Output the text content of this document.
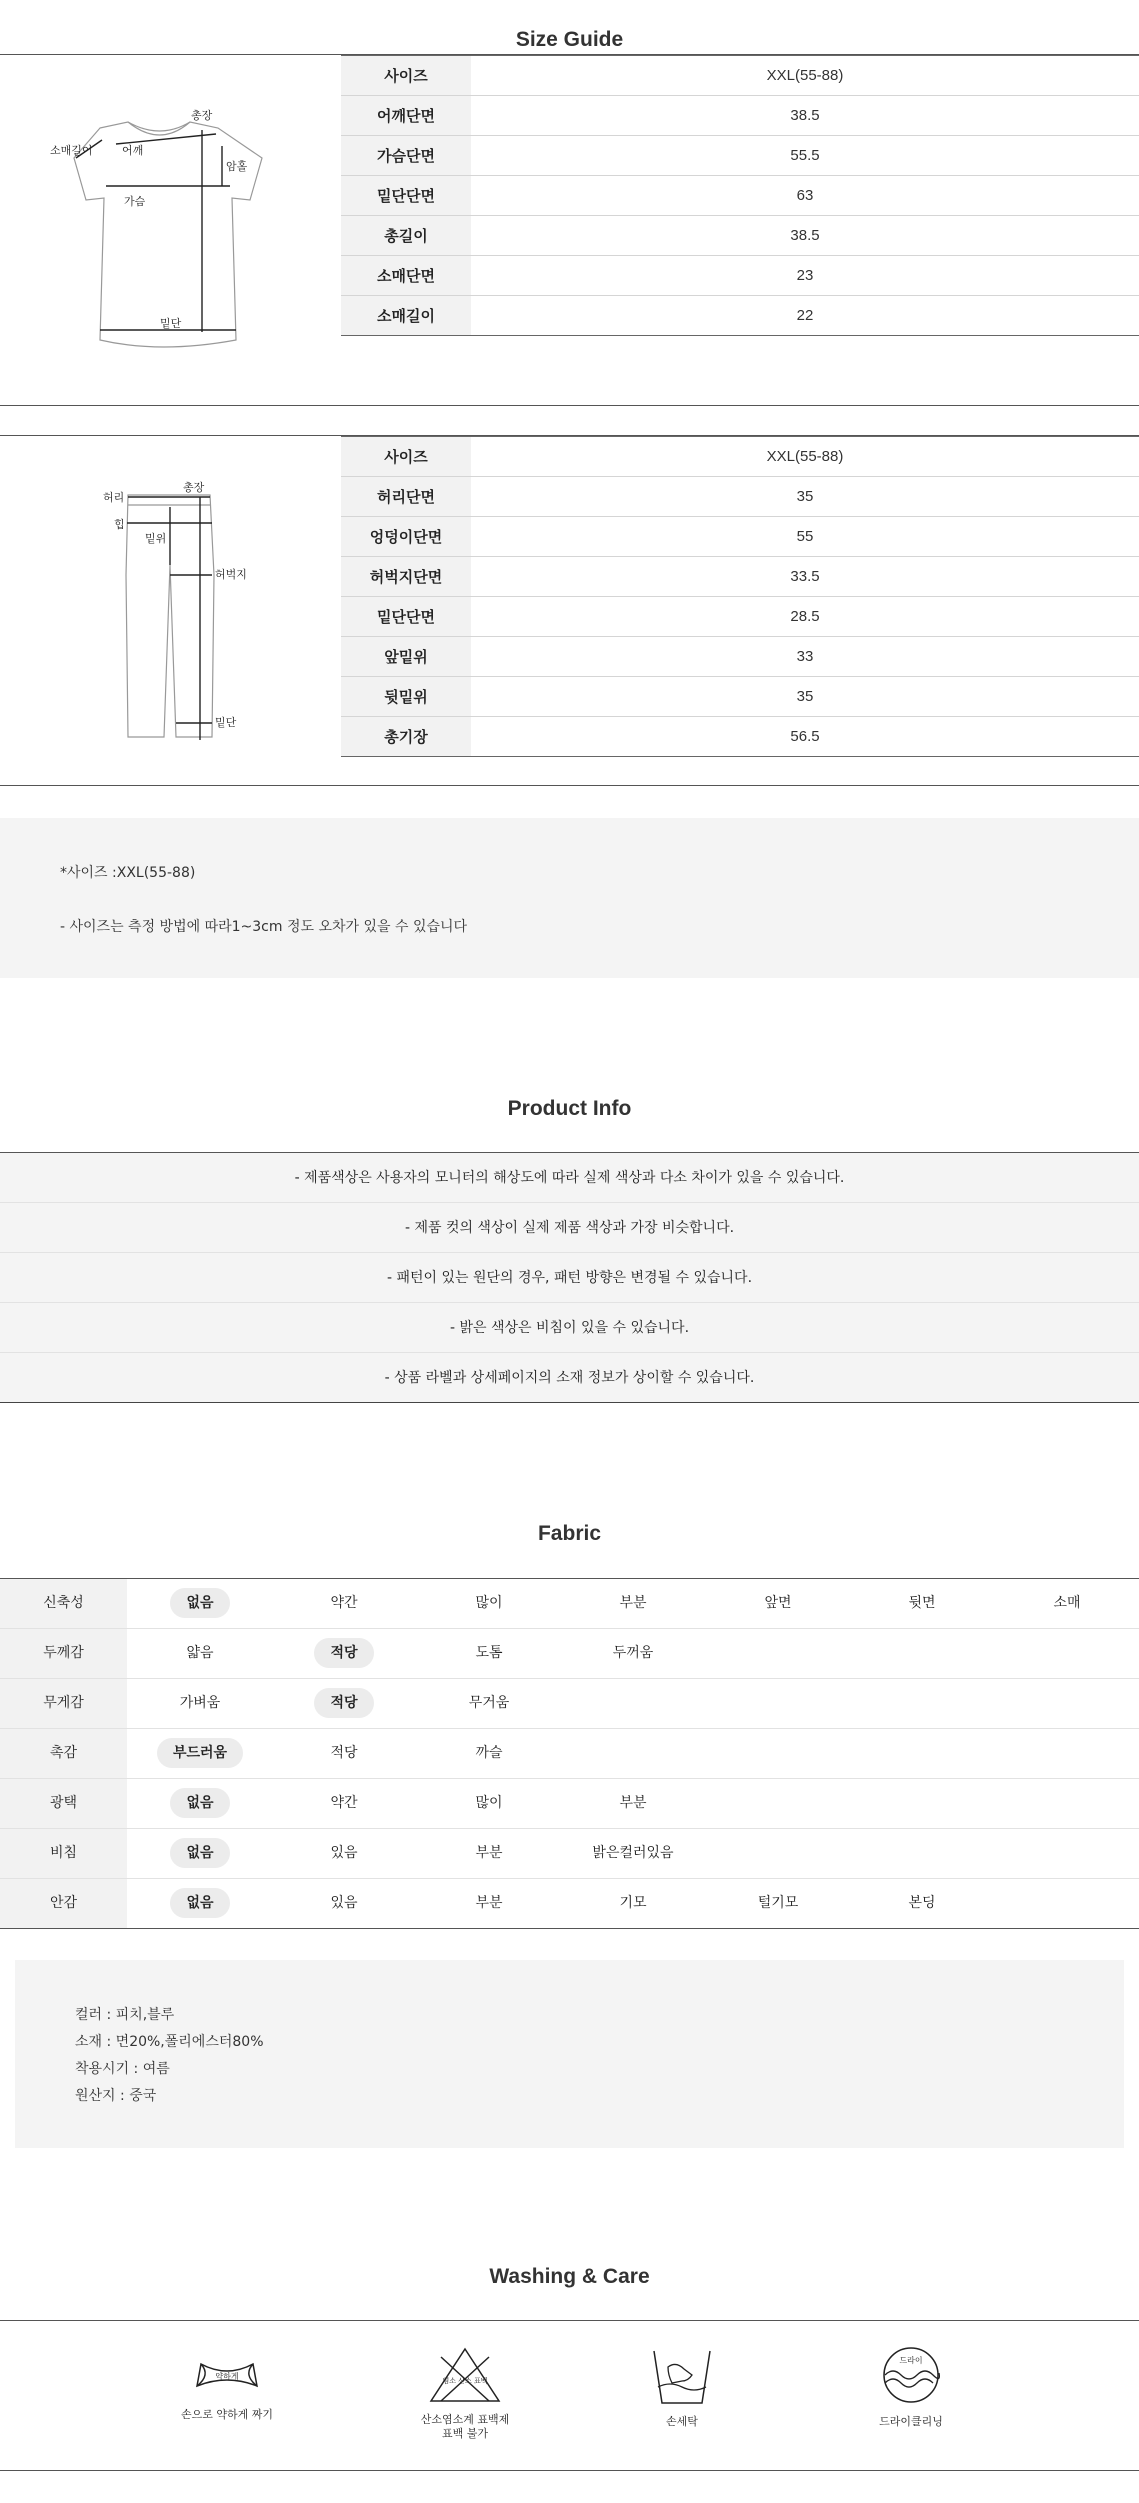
Size Guide
소매길이	어깨
총장
암홀
가슴
밑단
사이즈	XXL(55-88)
어깨단면	38.5
가슴단면	55.5
밑단단면	63
총길이	38.5
소매단면	23
소매길이	22
허리
총장
힙
밑위
허벅지
밑단
사이즈	XXL(55-88)
허리단면	35
엉덩이단면	55
허벅지단면	33.5
밑단단면	28.5
앞밑위	33
뒷밑위	35
총기장	56.5
*사이즈 :XXL(55-88)
- 사이즈는 측정 방법에 따라1~3cm 정도 오차가 있을 수 있습니다
Product Info
- 제품색상은 사용자의 모니터의 해상도에 따라 실제 색상과 다소 차이가 있을 수 있습니다.
- 제품 컷의 색상이 실제 제품 색상과 가장 비슷합니다.
- 패턴이 있는 원단의 경우, 패턴 방향은 변경될 수 있습니다.
- 밝은 색상은 비침이 있을 수 있습니다.
- 상품 라벨과 상세페이지의 소재 정보가 상이할 수 있습니다.
Fabric
신축성	없음	약간	많이	부분	앞면	뒷면	소매
두께감	얇음	적당	도톰	두꺼움
무게감	가벼움	적당	무거움
촉감	부드러움	적당	까슬
광택	없음	약간	많이	부분
비침	없음	있음	부분	밝은컬러있음
안감	없음	있음	부분	기모	털기모	본딩
컬러 : 피치,블루
소재 : 면20%,폴리에스터80%
착용시기 : 여름
원산지 : 중국
Washing & Care
약하게
손으로 약하게 짜기
염소 산소 표백
산소염소계 표백제
표백 불가
손세탁
드라이
드라이클리닝
